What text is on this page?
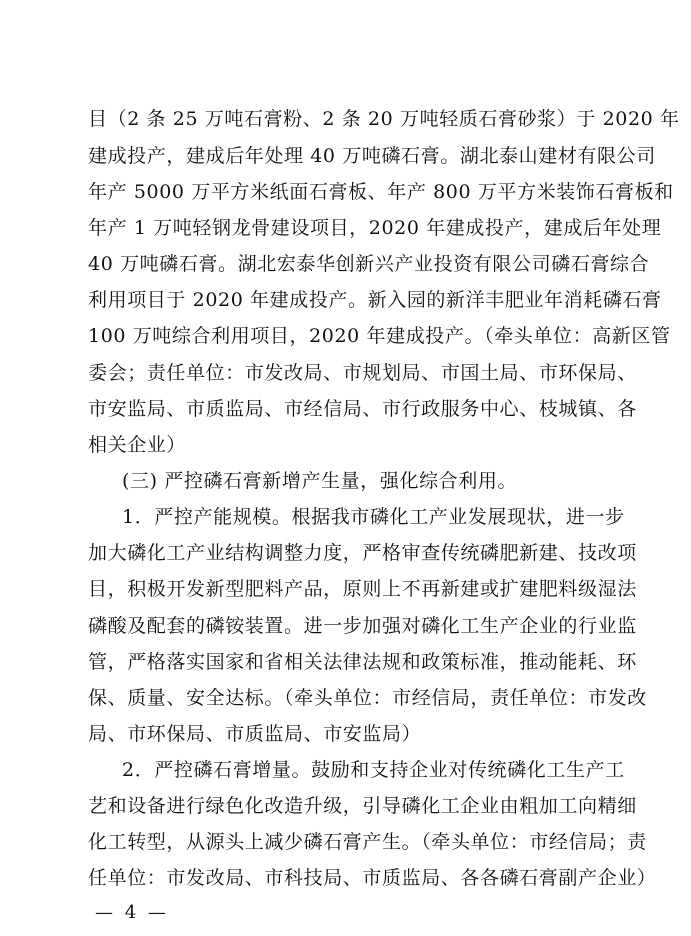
目（2 条 25 万吨石膏粉、2 条 20 万吨轻质石膏砂浆）于 2020 年
建成投产，建成后年处理 40 万吨磷石膏。湖北泰山建材有限公司
年产 5000 万平方米纸面石膏板、年产 800 万平方米装饰石膏板和
年产 1 万吨轻钢龙骨建设项目，2020 年建成投产，建成后年处理
40 万吨磷石膏。湖北宏泰华创新兴产业投资有限公司磷石膏综合
利用项目于 2020 年建成投产。新入园的新洋丰肥业年消耗磷石膏
100 万吨综合利用项目，2020 年建成投产。（牵头单位：高新区管
委会；责任单位：市发改局、市规划局、市国土局、市环保局、
市安监局、市质监局、市经信局、市行政服务中心、枝城镇、各
相关企业）
(三) 严控磷石膏新增产生量，强化综合利用。
1．严控产能规模。根据我市磷化工产业发展现状，进一步
加大磷化工产业结构调整力度，严格审查传统磷肥新建、技改项
目，积极开发新型肥料产品，原则上不再新建或扩建肥料级湿法
磷酸及配套的磷铵装置。进一步加强对磷化工生产企业的行业监
管，严格落实国家和省相关法律法规和政策标准，推动能耗、环
保、质量、安全达标。（牵头单位：市经信局，责任单位：市发改
局、市环保局、市质监局、市安监局）
2．严控磷石膏增量。鼓励和支持企业对传统磷化工生产工
艺和设备进行绿色化改造升级，引导磷化工企业由粗加工向精细
化工转型，从源头上减少磷石膏产生。（牵头单位：市经信局；责
任单位：市发改局、市科技局、市质监局、各各磷石膏副产企业）
— 4 —
